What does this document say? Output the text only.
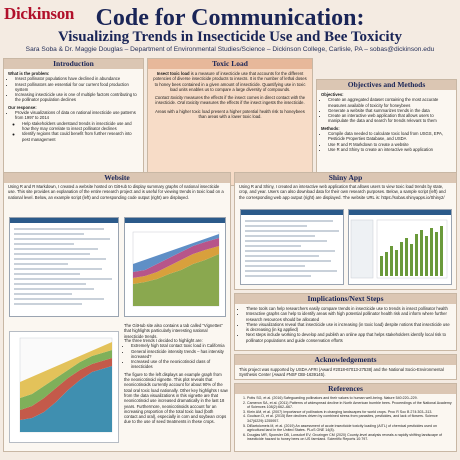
Dickinson Code for Communication:
Visualizing Trends in Insecticide Use and Bee Toxicity
Sara Soba & Dr. Maggie Douglas – Department of Environmental Studies/Science – Dickinson College, Carlisle, PA – sobas@dickinson.edu
Introduction
What is the problem:
• Insect pollinator populations have declined in abundance
• Insect pollinators are essential for our current food production system
• Increasing insecticide use is one of multiple factors contributing to the pollinator population declines
Our response:
• Provide visualizations of data on national insecticide use patterns from 1997 to 2014
◦ Help stakeholders understand trends in insecticide use and how they may correlate to insect pollinator declines
◦ Identify regions that could benefit from further research into pest management
Toxic Load

Insect toxic load is a measure of insecticide use that accounts for the different potencies of diverse insecticide products to insects. It is the number of lethal doses to honey bees contained in a given amount of insecticide. Quantifying use in toxic load units enables us to compare a large diversity of compounds.

Contact toxicity measures the effects if the insect comes in direct contact with the insecticide. Oral toxicity measures the effects if the insect ingests the insecticide.

Areas with a higher toxic load present a higher potential health risk to honeybees than areas with a lower toxic load.

Objectives and Methods
Objectives:
• Create an aggregated dataset containing the most accurate measures available of toxicity for honeybees
• Generate a website that summarizes trends in the data
• Create an interactive web application that allows users to manipulate the data and search for trends relevant to them
Methods:
• Compile data needed to calculate toxic load from USGS, EPA, Pesticide Properties Database, and USDA
• Use R and R Markdown to create a website
• Use R and Shiny to create an interactive web application
Website
Using R and R Markdown, I created a website hosted on GitHub to display summary graphs of national insecticide use. This site provides an explanation of the entire research project and is useful for viewing trends in toxic load on a national level. Below, an example script (left) and corresponding code output (right) are displayed.
The GitHub site also contains a tab called "Vignettes" that highlights particularly interesting national insecticide trends.
The three trends I decided to highlight are:
• Extremely high total contact toxic load in California
• General insecticide intensity trends – has intensity increased?
• Increased use of the neonicotinoid class of insecticides
The figure to the left displays an example graph from the neonicotinoid vignette. This plot reveals that neonicotinoids currently account for about 90% of the total oral toxic load nationally. Other key highlights I saw from the data visualizations in this vignette are that neonicotinoid use increased dramatically in the last 18 years. Furthermore, neonicotinoids account for an increasing proportion of the total toxic load (both contact and oral), especially in corn and soybean crops due to the use of seed treatments in these crops.
Shiny App
Using R and Shiny, I created an interactive web application that allows users to view toxic load trends by state, crop, and year. Users can also download data for their own research purposes. Below, a sample script (left) and the corresponding web app output (right) are displayed. The website URL is: https://sobas.shinyapps.io/Shiny2/
Implications/Next Steps
• These tools can help researchers easily compare trends in insecticide use to trends in insect pollinator health
• Interactive graphs can help to identify areas with high potential pollinator health risk and inform where further research resources should be allocated
• These visualizations reveal that insecticide use is increasing (in toxic load) despite notions that insecticide use is decreasing (in kg applied)
• Next steps include working to develop and publish an online app that helps stakeholders identify local risk to pollinator populations and guide conservation efforts
Acknowledgements
This project was supported by USDA AFRI (Award #2018-67013-27538) and the National Socio-Environmental Synthesis Center (Award #NSF DBI-1639145).
References
1. Potts SG, et al. (2016) Safeguarding pollinators and their values to human well-being. Nature 540:220–229.
2. Cameron SA, et al. (2011) Patterns of widespread decline in North American bumble bees. Proceedings of the National Academy of Sciences 108(2):662–667.
3. Klein AM, et al. (2007) Importance of pollinators in changing landscapes for world crops. Proc R Soc B 274:303–313.
4. Goulson D, et al. (2015) Bee declines driven by combined stress from parasites, pesticides, and lack of flowers. Science 347(6229):1255957.
5. DiBartolomeis M, et al. (2019) An assessment of acute insecticide toxicity loading (AITL) of chemical pesticides used on agricultural land in the United States. PLoS ONE 14(8).
6. Douglas MR, Sponsler DB, Lonsdorf EV, Grozinger CM (2020) County-level analysis reveals a rapidly shifting landscape of insecticide hazard to honey bees on US farmland. Scientific Reports 10:797.
